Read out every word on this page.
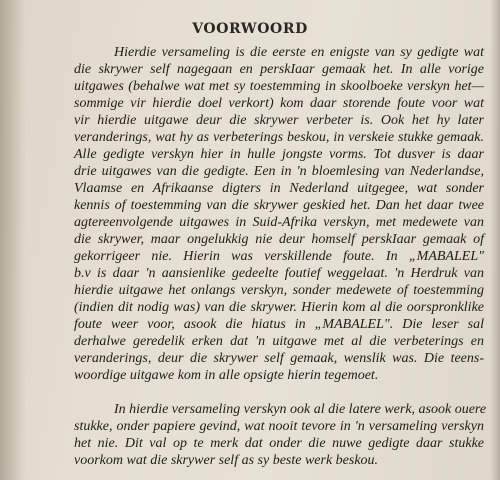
VOORWOORD
Hierdie versameling is die eerste en enigste van sy gedigte wat
die skrywer self nagegaan en perskIaar gemaak het. In alle vorige
uitgawes (behalwe wat met sy toestemming in skoolboeke verskyn het—
sommige vir hierdie doel verkort) kom daar storende foute voor wat
vir hierdie uitgawe deur die skrywer verbeter is. Ook het hy later
veranderings, wat hy as verbeterings beskou, in verskeie stukke gemaak.
Alle gedigte verskyn hier in hulle jongste vorms. Tot dusver is daar
drie uitgawes van die gedigte. Een in 'n bloemlesing van Nederlandse,
Vlaamse en Afrikaanse digters in Nederland uitgegee, wat sonder
kennis of toestemming van die skrywer geskied het. Dan het daar twee
agtereenvolgende uitgawes in Suid-Afrika verskyn, met medewete van
die skrywer, maar ongelukkig nie deur homself perskIaar gemaak of
gekorrigeer nie. Hierin was verskillende foute. In „MABALEL"
b.v is daar 'n aansienlike gedeelte foutief weggelaat. 'n Herdruk van
hierdie uitgawe het onlangs verskyn, sonder medewete of toestemming
(indien dit nodig was) van die skrywer. Hierin kom al die oorspronklike
foute weer voor, asook die hiatus in „MABALEL". Die leser sal
derhalwe geredelik erken dat 'n uitgawe met al die verbeterings en
veranderings, deur die skrywer self gemaak, wenslik was. Die teens-
woordige uitgawe kom in alle opsigte hierin tegemoet.
In hierdie versameling verskyn ook al die latere werk, asook ouere
stukke, onder papiere gevind, wat nooit tevore in 'n versameling verskyn
het nie. Dit val op te merk dat onder die nuwe gedigte daar stukke
voorkom wat die skrywer self as sy beste werk beskou.
